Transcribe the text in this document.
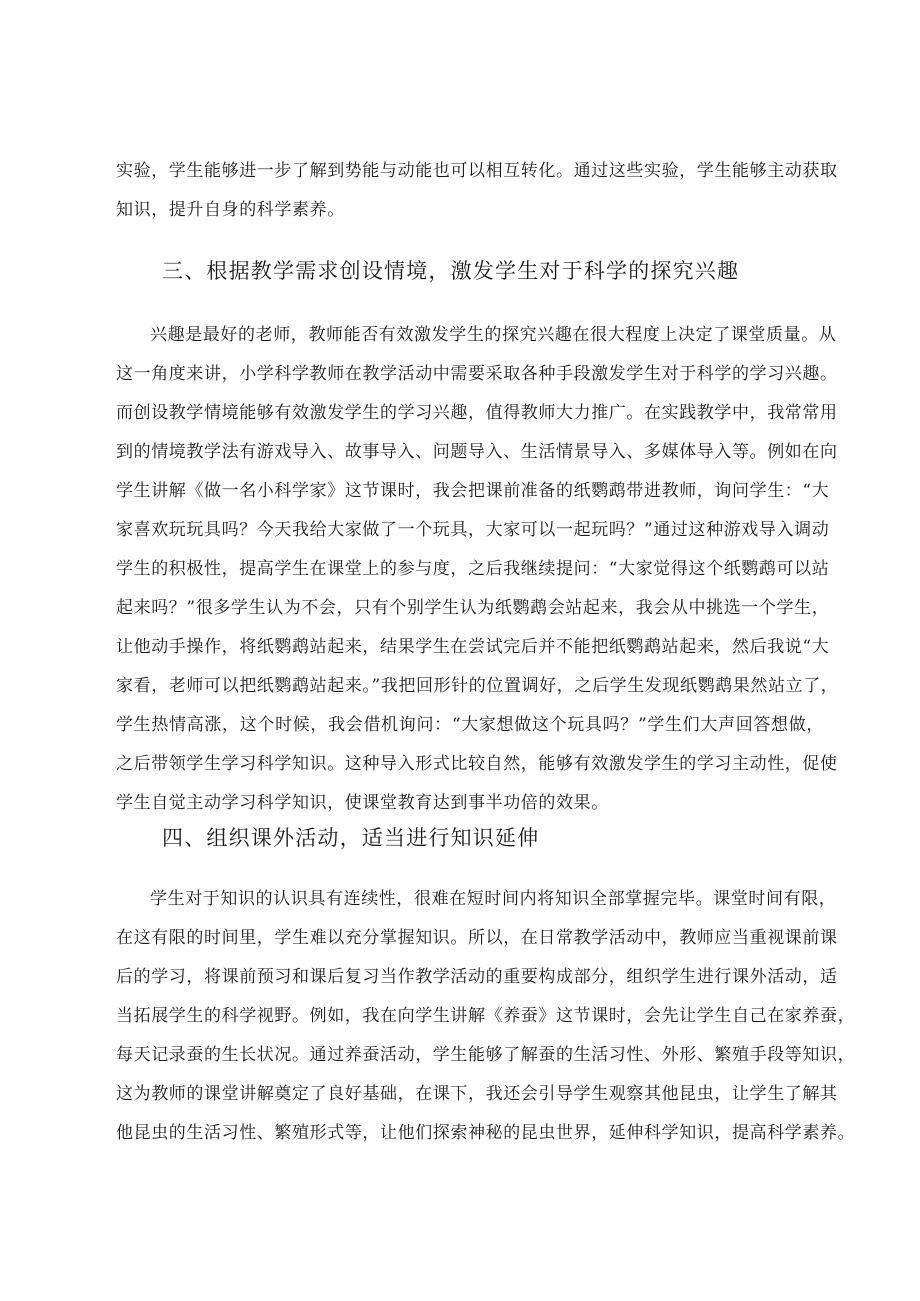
实验，学生能够进一步了解到势能与动能也可以相互转化。通过这些实验，学生能够主动获取
知识，提升自身的科学素养。
三、根据教学需求创设情境，激发学生对于科学的探究兴趣
兴趣是最好的老师，教师能否有效激发学生的探究兴趣在很大程度上决定了课堂质量。从
这一角度来讲，小学科学教师在教学活动中需要采取各种手段激发学生对于科学的学习兴趣。
而创设教学情境能够有效激发学生的学习兴趣，值得教师大力推广。在实践教学中，我常常用
到的情境教学法有游戏导入、故事导入、问题导入、生活情景导入、多媒体导入等。例如在向
学生讲解《做一名小科学家》这节课时，我会把课前准备的纸鹦鹉带进教师，询问学生：“大
家喜欢玩玩具吗？今天我给大家做了一个玩具，大家可以一起玩吗？”通过这种游戏导入调动
学生的积极性，提高学生在课堂上的参与度，之后我继续提问：“大家觉得这个纸鹦鹉可以站
起来吗？”很多学生认为不会，只有个别学生认为纸鹦鹉会站起来，我会从中挑选一个学生，
让他动手操作，将纸鹦鹉站起来，结果学生在尝试完后并不能把纸鹦鹉站起来，然后我说“大
家看，老师可以把纸鹦鹉站起来。”我把回形针的位置调好，之后学生发现纸鹦鹉果然站立了，
学生热情高涨，这个时候，我会借机询问：“大家想做这个玩具吗？”学生们大声回答想做，
之后带领学生学习科学知识。这种导入形式比较自然，能够有效激发学生的学习主动性，促使
学生自觉主动学习科学知识，使课堂教育达到事半功倍的效果。
四、组织课外活动，适当进行知识延伸
学生对于知识的认识具有连续性，很难在短时间内将知识全部掌握完毕。课堂时间有限，
在这有限的时间里，学生难以充分掌握知识。所以，在日常教学活动中，教师应当重视课前课
后的学习，将课前预习和课后复习当作教学活动的重要构成部分，组织学生进行课外活动，适
当拓展学生的科学视野。例如，我在向学生讲解《养蚕》这节课时，会先让学生自己在家养蚕，
每天记录蚕的生长状况。通过养蚕活动，学生能够了解蚕的生活习性、外形、繁殖手段等知识，
这为教师的课堂讲解奠定了良好基础，在课下，我还会引导学生观察其他昆虫，让学生了解其
他昆虫的生活习性、繁殖形式等，让他们探索神秘的昆虫世界，延伸科学知识，提高科学素养。
